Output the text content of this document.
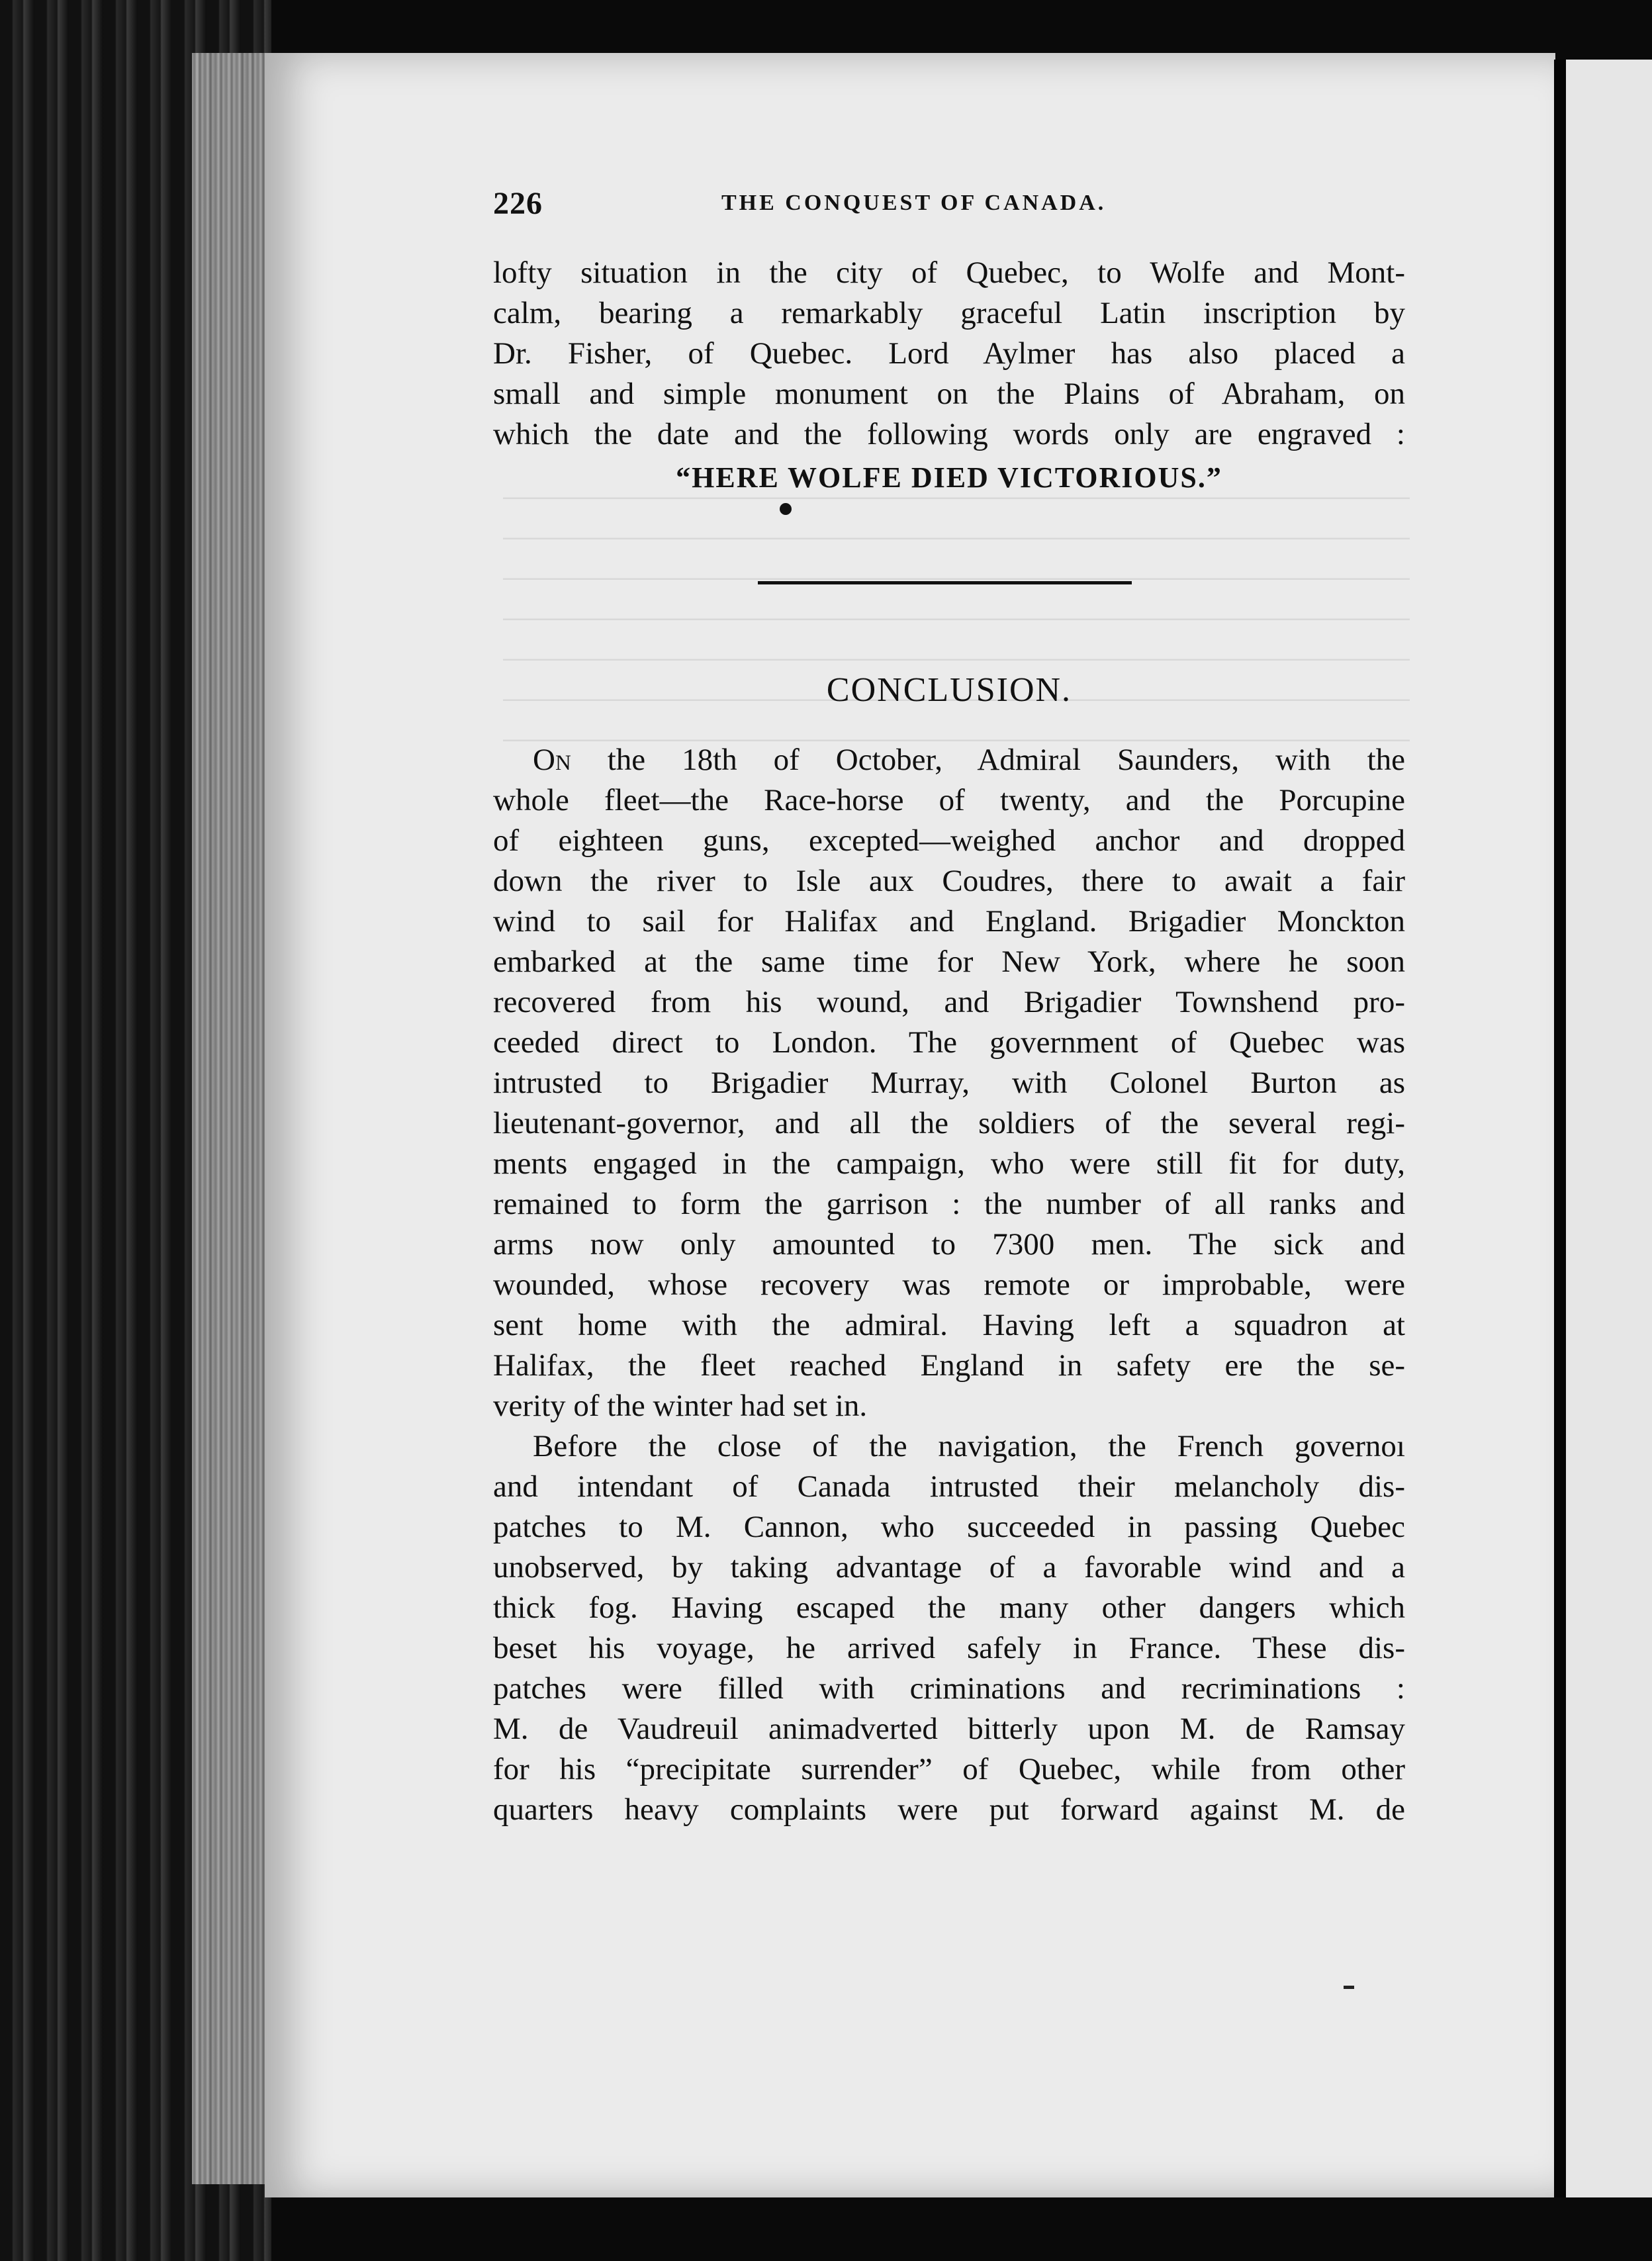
226	THE CONQUEST OF CANADA.
lofty situation in the city of Quebec, to Wolfe and Mont-
calm, bearing a remarkably graceful Latin inscription by
Dr. Fisher, of Quebec. Lord Aylmer has also placed a
small and simple monument on the Plains of Abraham, on
which the date and the following words only are engraved :
“HERE WOLFE DIED VICTORIOUS.”
CONCLUSION.
On the 18th of October, Admiral Saunders, with the
whole fleet—the Race-horse of twenty, and the Porcupine
of eighteen guns, excepted—weighed anchor and dropped
down the river to Isle aux Coudres, there to await a fair
wind to sail for Halifax and England. Brigadier Monckton
embarked at the same time for New York, where he soon
recovered from his wound, and Brigadier Townshend pro-
ceeded direct to London. The government of Quebec was
intrusted to Brigadier Murray, with Colonel Burton as
lieutenant-governor, and all the soldiers of the several regi-
ments engaged in the campaign, who were still fit for duty,
remained to form the garrison : the number of all ranks and
arms now only amounted to 7300 men. The sick and
wounded, whose recovery was remote or improbable, were
sent home with the admiral. Having left a squadron at
Halifax, the fleet reached England in safety ere the se-
verity of the winter had set in.
Before the close of the navigation, the French governoı
and intendant of Canada intrusted their melancholy dis-
patches to M. Cannon, who succeeded in passing Quebec
unobserved, by taking advantage of a favorable wind and a
thick fog. Having escaped the many other dangers which
beset his voyage, he arrived safely in France. These dis-
patches were filled with criminations and recriminations :
M. de Vaudreuil animadverted bitterly upon M. de Ramsay
for his “precipitate surrender” of Quebec, while from other
quarters heavy complaints were put forward against M. de
